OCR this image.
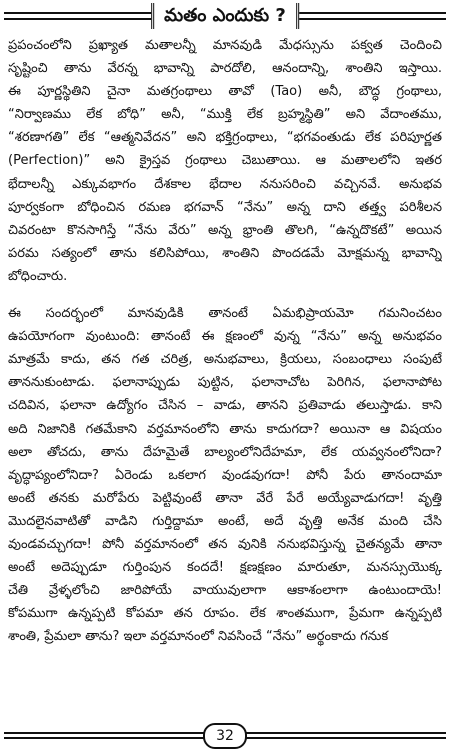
మతం ఎందుకు ?

ప్రపంచంలోని ప్రఖ్యాత మతాలన్నీ మానవుడి మేధస్సును పక్వత చెందించి
సృష్టించి తాను వేరన్న భావాన్ని పారదోలి, ఆనందాన్ని, శాంతిని ఇస్తాయి.
ఈ పూర్ణస్థితిని చైనా మతగ్రంథాలు తావో (Tao) అనీ, బౌద్ధ గ్రంథాలు,
“నిర్వాణము లేక బోధి” అనీ, “ముక్తి లేక బ్రహ్మస్థితి” అని వేదాంతము,
“శరణాగతి” లేక “ఆత్మనివేదన” అని భక్తిగ్రంథాలు, “భగవంతుడు లేక పరిపూర్ణత
(Perfection)” అని క్రైస్తవ గ్రంథాలు చెబుతాయి. ఆ మతాలలోని ఇతర
భేదాలన్నీ ఎక్కువభాగం దేశకాల భేదాల ననుసరించి వచ్చినవే. అనుభవ
పూర్వకంగా బోధించిన రమణ భగవాన్ “నేను” అన్న దాని తత్త్వ పరిశీలన
చివరంటా కొనసాగిస్తే “నేను వేరు” అన్న భ్రాంతి తొలగి, “ఉన్నదొకటే” అయిన
పరమ సత్యంలో తాను కలిసిపోయి, శాంతిని పొందడమే మోక్షమన్న భావాన్ని
బోధించారు.

ఈ సందర్భంలో మానవుడికి తానంటే ఏమభిప్రాయమో గమనించటం
ఉపయోగంగా వుంటుంది: తానంటే ఈ క్షణంలో వున్న “నేను” అన్న అనుభవం
మాత్రమే కాదు, తన గత చరిత్ర, అనుభవాలు, క్రియలు, సంబంధాలు సంపుటే
తాననుకుంటాడు. ఫలానాప్పుడు పుట్టిన, ఫలానాచోట పెరిగిన, ఫలానాపోట
చదివిన, ఫలానా ఉద్యోగం చేసిన – వాడు, తానని ప్రతివాడు తలుస్తాడు. కాని
అది నిజానికి గతమేకాని వర్తమానంలోని తాను కాదుగదా? అయినా ఆ విషయం
అలా తోచదు, తాను దేహమైతే బాల్యంలోనిదేహమా, లేక యవ్వనంలోనిదా?
వృద్ధాప్యంలోనిదా? ఏరెండు ఒకలాగ వుండవుగదా! పోనీ పేరు తానందామా
అంటే తనకు మరోపేరు పెట్టివుంటే తానా వేరే పేరే అయ్యేవాడుగదా! వృత్తి
మొదలైనవాటితో వాడిని గుర్తిద్దామా అంటే, అదే వృత్తి అనేక మంది చేసి
వుండవచ్చుగదా! పోనీ వర్తమానంలో తన వునికి ననుభవిస్తున్న చైతన్యమే తానా
అంటే అదెప్పుడూ గుర్తింపున కందదే! క్షణక్షణం మారుతూ, మనస్సుయొక్క
చేతి వ్రేళ్ళలోంచి జారిపోయే వాయువులాగా ఆకాశంలాగా ఉంటుందాయె!
కోపముగా ఉన్నప్పటి కోపమా తన రూపం. లేక శాంతముగా, ప్రేమగా ఉన్నప్పటి
శాంతి, ప్రేమలా తాను? ఇలా వర్తమానంలో నివసించే “నేను” అర్థంకాదు గనుక

32
